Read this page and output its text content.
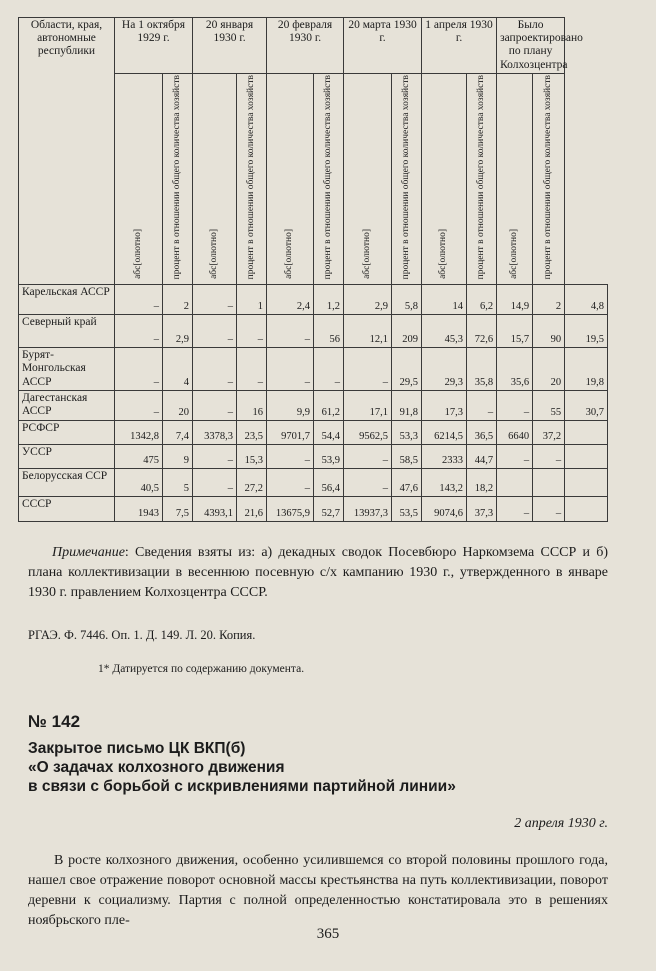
Области, края, автономные республики	На 1 октября 1929 г.		20 января 1930 г.		20 февраля 1930 г.		20 марта 1930 г.		1 апреля 1930 г.		Было запроектировано по плану Колхозцентра		

	абс[олютно]	процент в отношении общего количества хозяйств	абс[олютно]	процент в отношении общего количества хозяйств	абс[олютно]	процент в отношении общего количества хозяйств	абс[олютно]	процент в отношении общего количества хозяйств	абс[олютно]	процент в отношении общего количества хозяйств	абс[олютно]	процент в отношении общего количества хозяйств	

Карельская АССР	–	2	–	1	2,4	1,2	2,9	5,8	14	6,2	14,9	2	4,8
Северный край	–	2,9	–	–	–	56	12,1	209	45,3	72,6	15,7	90	19,5
Бурят-Монгольская АССР	–	4	–	–	–	–	–	29,5	29,3	35,8	35,6	20	19,8
Дагестанская АССР	–	20	–	16	9,9	61,2	17,1	91,8	17,3	–	–	55	30,7
РСФСР	1342,8	7,4	3378,3	23,5	9701,7	54,4	9562,5	53,3	6214,5	36,5	6640	37,2	
УССР	475	9	–	15,3	–	53,9	–	58,5	2333	44,7	–	–	
Белорусская ССР	40,5	5	–	27,2	–	56,4	–	47,6	143,2	18,2			
СССР	1943	7,5	4393,1	21,6	13675,9	52,7	13937,3	53,5	9074,6	37,3	–	–	
Примечание: Сведения взяты из: а) декадных сводок Посевбюро Наркомзема СССР и б) плана коллективизации в весеннюю посевную с/х кампанию 1930 г., утвержденного в январе 1930 г. правлением Колхозцентра СССР.
РГАЭ. Ф. 7446. Оп. 1. Д. 149. Л. 20. Копия.
1* Датируется по содержанию документа.
№ 142
Закрытое письмо ЦК ВКП(б)
«О задачах колхозного движения
в связи с борьбой с искривлениями партийной линии»
2 апреля 1930 г.
В росте колхозного движения, особенно усилившемся со второй половины прошлого года, нашел свое отражение поворот основной массы крестьянства на путь коллективизации, поворот деревни к социализму. Партия с полной определенностью констатировала это в решениях ноябрьского пле-
365
